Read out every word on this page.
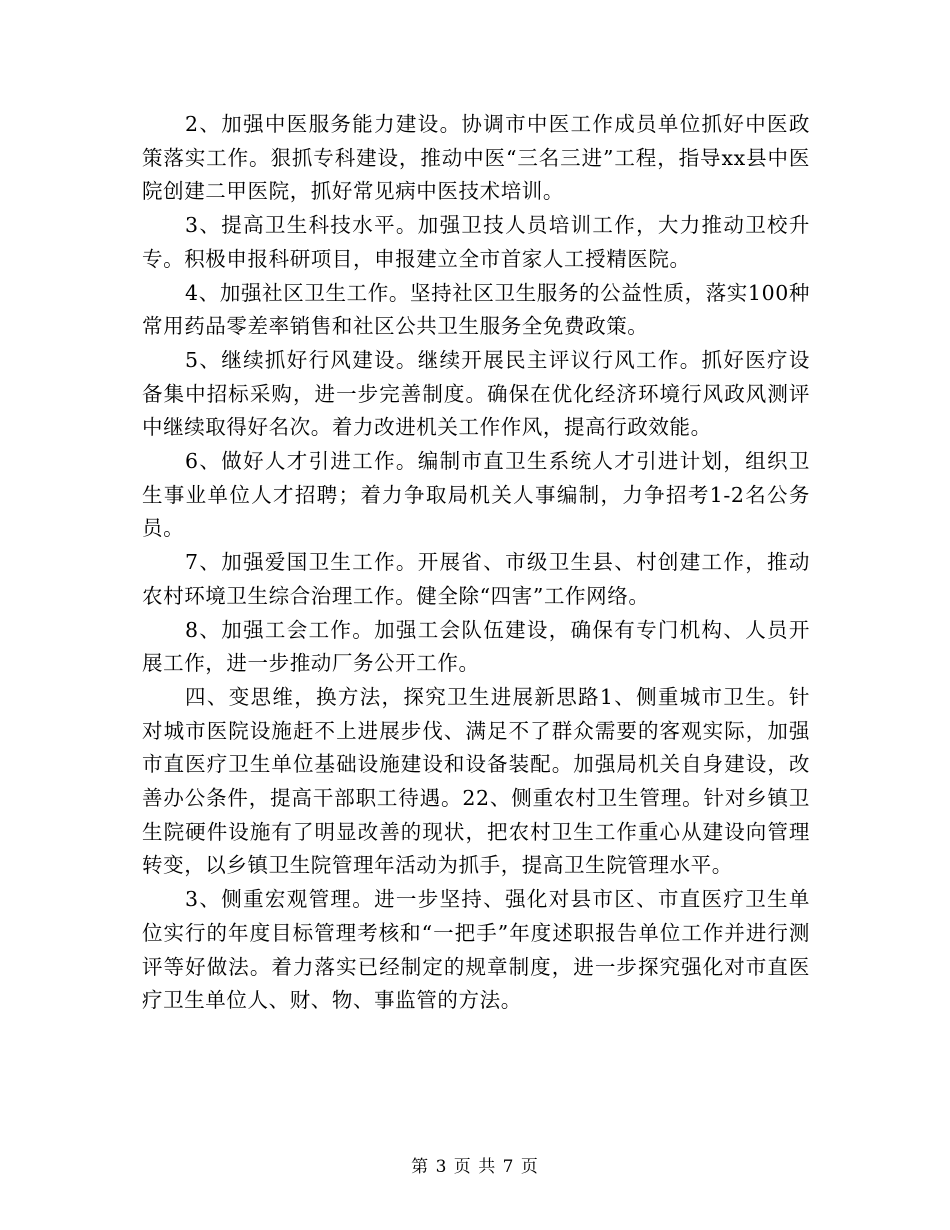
2、加强中医服务能力建设。协调市中医工作成员单位抓好中医政策落实工作。狠抓专科建设，推动中医“三名三进”工程，指导xx县中医院创建二甲医院，抓好常见病中医技术培训。

3、提高卫生科技水平。加强卫技人员培训工作，大力推动卫校升专。积极申报科研项目，申报建立全市首家人工授精医院。

4、加强社区卫生工作。坚持社区卫生服务的公益性质，落实100种常用药品零差率销售和社区公共卫生服务全免费政策。

5、继续抓好行风建设。继续开展民主评议行风工作。抓好医疗设备集中招标采购，进一步完善制度。确保在优化经济环境行风政风测评中继续取得好名次。着力改进机关工作作风，提高行政效能。

6、做好人才引进工作。编制市直卫生系统人才引进计划，组织卫生事业单位人才招聘；着力争取局机关人事编制，力争招考1-2名公务员。

7、加强爱国卫生工作。开展省、市级卫生县、村创建工作，推动农村环境卫生综合治理工作。健全除“四害”工作网络。

8、加强工会工作。加强工会队伍建设，确保有专门机构、人员开展工作，进一步推动厂务公开工作。

四、变思维，换方法，探究卫生进展新思路1、侧重城市卫生。针对城市医院设施赶不上进展步伐、满足不了群众需要的客观实际，加强市直医疗卫生单位基础设施建设和设备装配。加强局机关自身建设，改善办公条件，提高干部职工待遇。22、侧重农村卫生管理。针对乡镇卫生院硬件设施有了明显改善的现状，把农村卫生工作重心从建设向管理转变，以乡镇卫生院管理年活动为抓手，提高卫生院管理水平。

3、侧重宏观管理。进一步坚持、强化对县市区、市直医疗卫生单位实行的年度目标管理考核和“一把手”年度述职报告单位工作并进行测评等好做法。着力落实已经制定的规章制度，进一步探究强化对市直医疗卫生单位人、财、物、事监管的方法。

第 3 页 共 7 页
